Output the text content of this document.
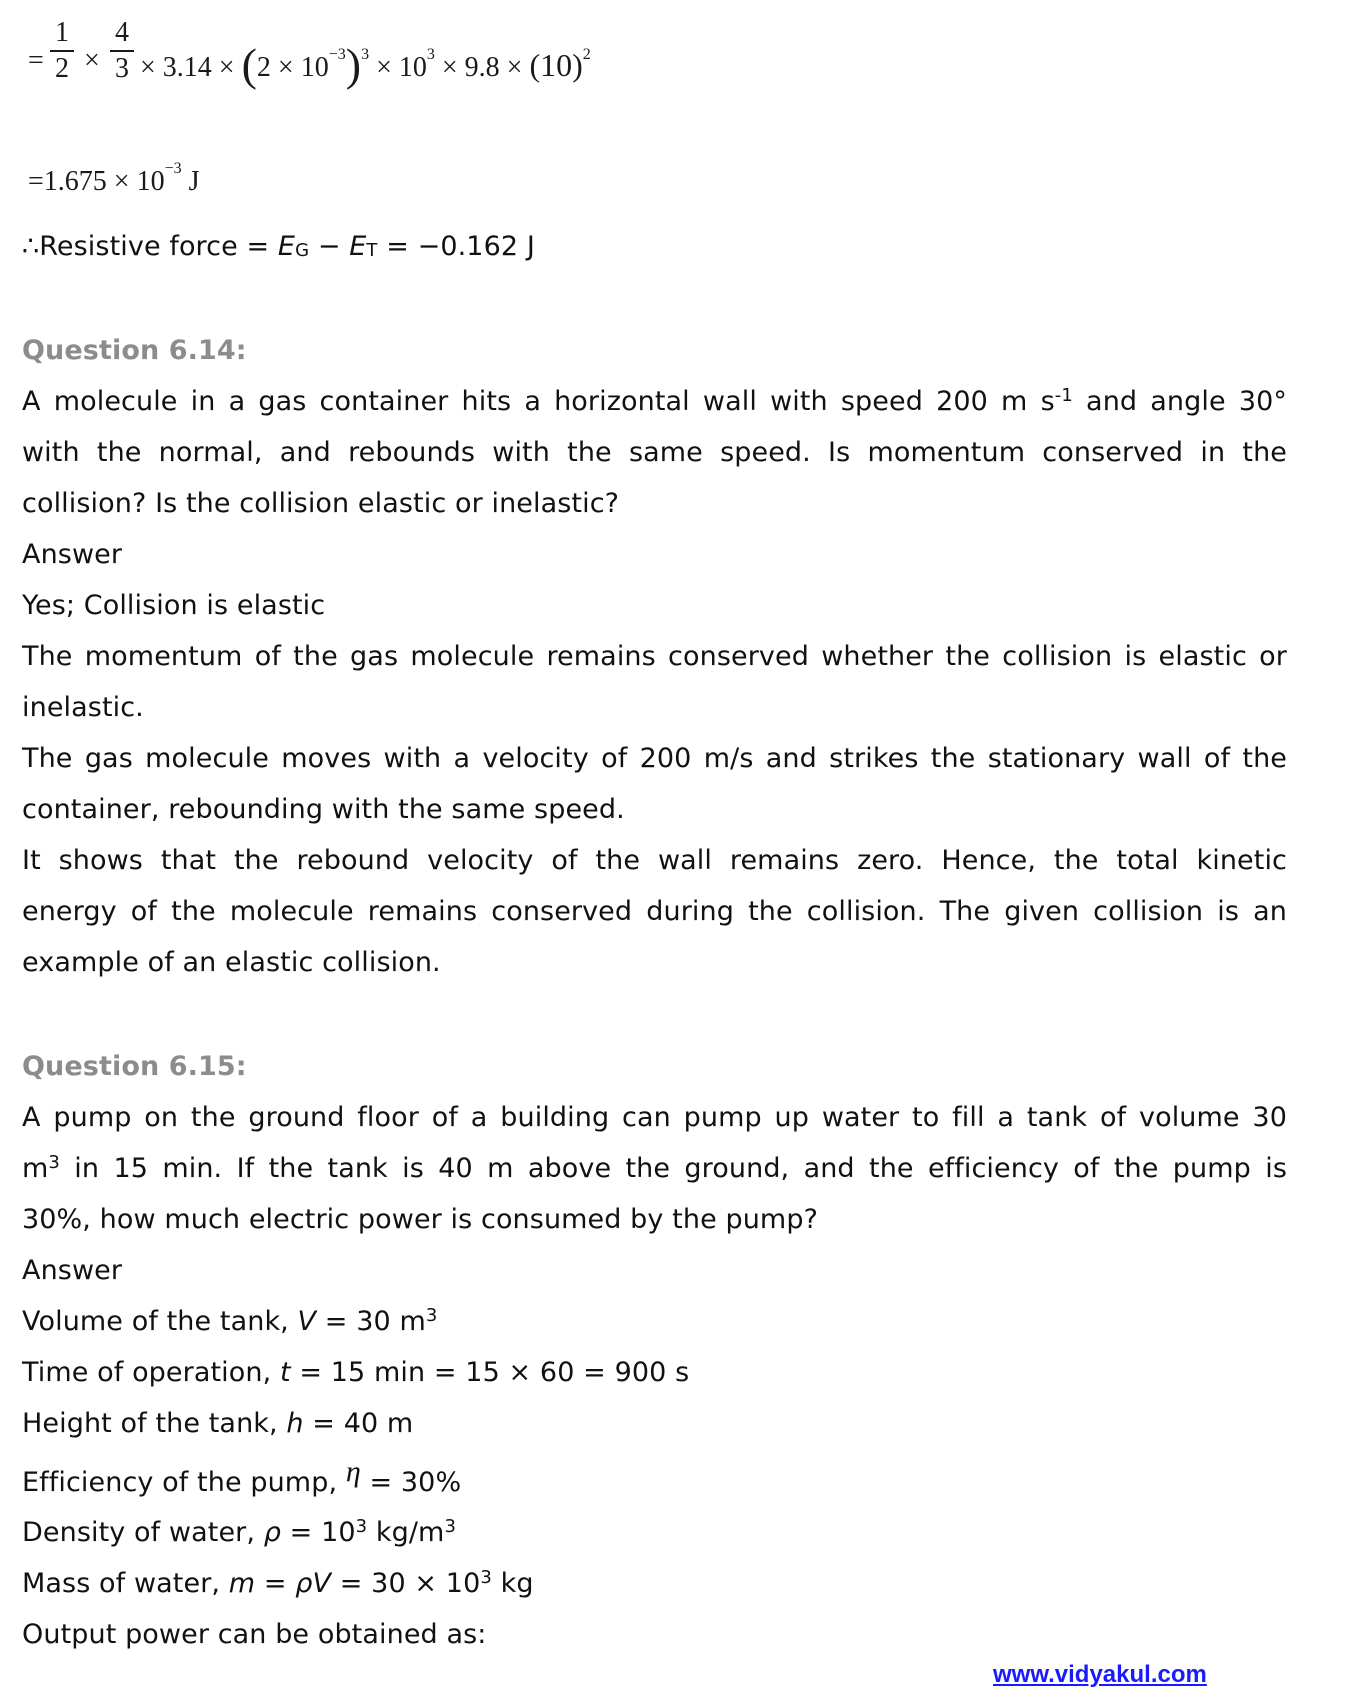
=
1
2 ×
4
$3 \times 3.14 \times (2 \times 10^{-3})^3 \times 10^3 \times 9.8 \times (10)^2$
$=1.675 \times 10^{-3}$ J
∴Resistive force = $E_G - E_T = -0.162$ J
Question 6.14:
A molecule in a gas container hits a horizontal wall with speed 200 m $s^{-1}$ and angle 30°
with the normal, and rebounds with the same speed. Is momentum conserved in the
collision? Is the collision elastic or inelastic?
Answer
Yes; Collision is elastic
The momentum of the gas molecule remains conserved whether the collision is elastic or
inelastic.
The gas molecule moves with a velocity of 200 m/s and strikes the stationary wall of the
container, rebounding with the same speed.
It shows that the rebound velocity of the wall remains zero. Hence, the total kinetic
energy of the molecule remains conserved during the collision. The given collision is an
example of an elastic collision.
Question 6.15:
A pump on the ground floor of a building can pump up water to fill a tank of volume 30
$m^3$ in 15 min. If the tank is 40 m above the ground, and the efficiency of the pump is
30%, how much electric power is consumed by the pump?
Answer
Volume of the tank, V = 30 $m^3$
Time of operation, t = 15 min = 15 × 60 = 900 s
Height of the tank, h = 40 m
Efficiency of the pump, η = 30%
Density of water, $\rho = 10^3$ $kg/m^3$
Mass of water, $m = \rho V = 30 \times 10^3$ kg
Output power can be obtained as:
www.vidyakul.com
